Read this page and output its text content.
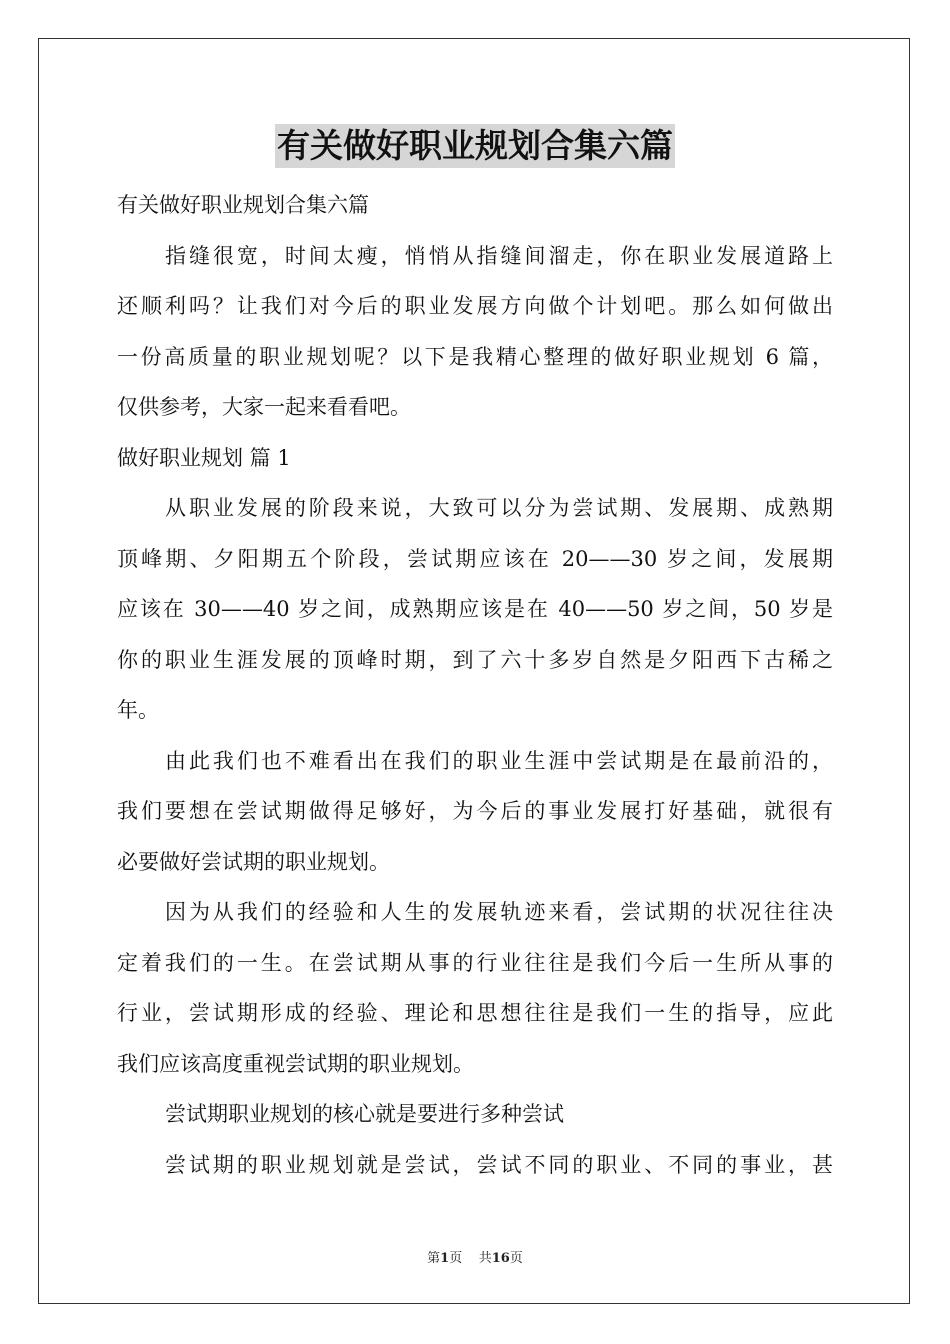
有关做好职业规划合集六篇
有关做好职业规划合集六篇
指缝很宽，时间太瘦，悄悄从指缝间溜走，你在职业发展道路上
还顺利吗？让我们对今后的职业发展方向做个计划吧。那么如何做出
一份高质量的职业规划呢？以下是我精心整理的做好职业规划 6 篇，
仅供参考，大家一起来看看吧。
做好职业规划 篇 1
从职业发展的阶段来说，大致可以分为尝试期、发展期、成熟期
顶峰期、夕阳期五个阶段，尝试期应该在 20——30 岁之间，发展期
应该在 30——40 岁之间，成熟期应该是在 40——50 岁之间，50 岁是
你的职业生涯发展的顶峰时期，到了六十多岁自然是夕阳西下古稀之
年。
由此我们也不难看出在我们的职业生涯中尝试期是在最前沿的，
我们要想在尝试期做得足够好，为今后的事业发展打好基础，就很有
必要做好尝试期的职业规划。
因为从我们的经验和人生的发展轨迹来看，尝试期的状况往往决
定着我们的一生。在尝试期从事的行业往往是我们今后一生所从事的
行业，尝试期形成的经验、理论和思想往往是我们一生的指导，应此
我们应该高度重视尝试期的职业规划。
尝试期职业规划的核心就是要进行多种尝试
尝试期的职业规划就是尝试，尝试不同的职业、不同的事业，甚
第1页    共16页
